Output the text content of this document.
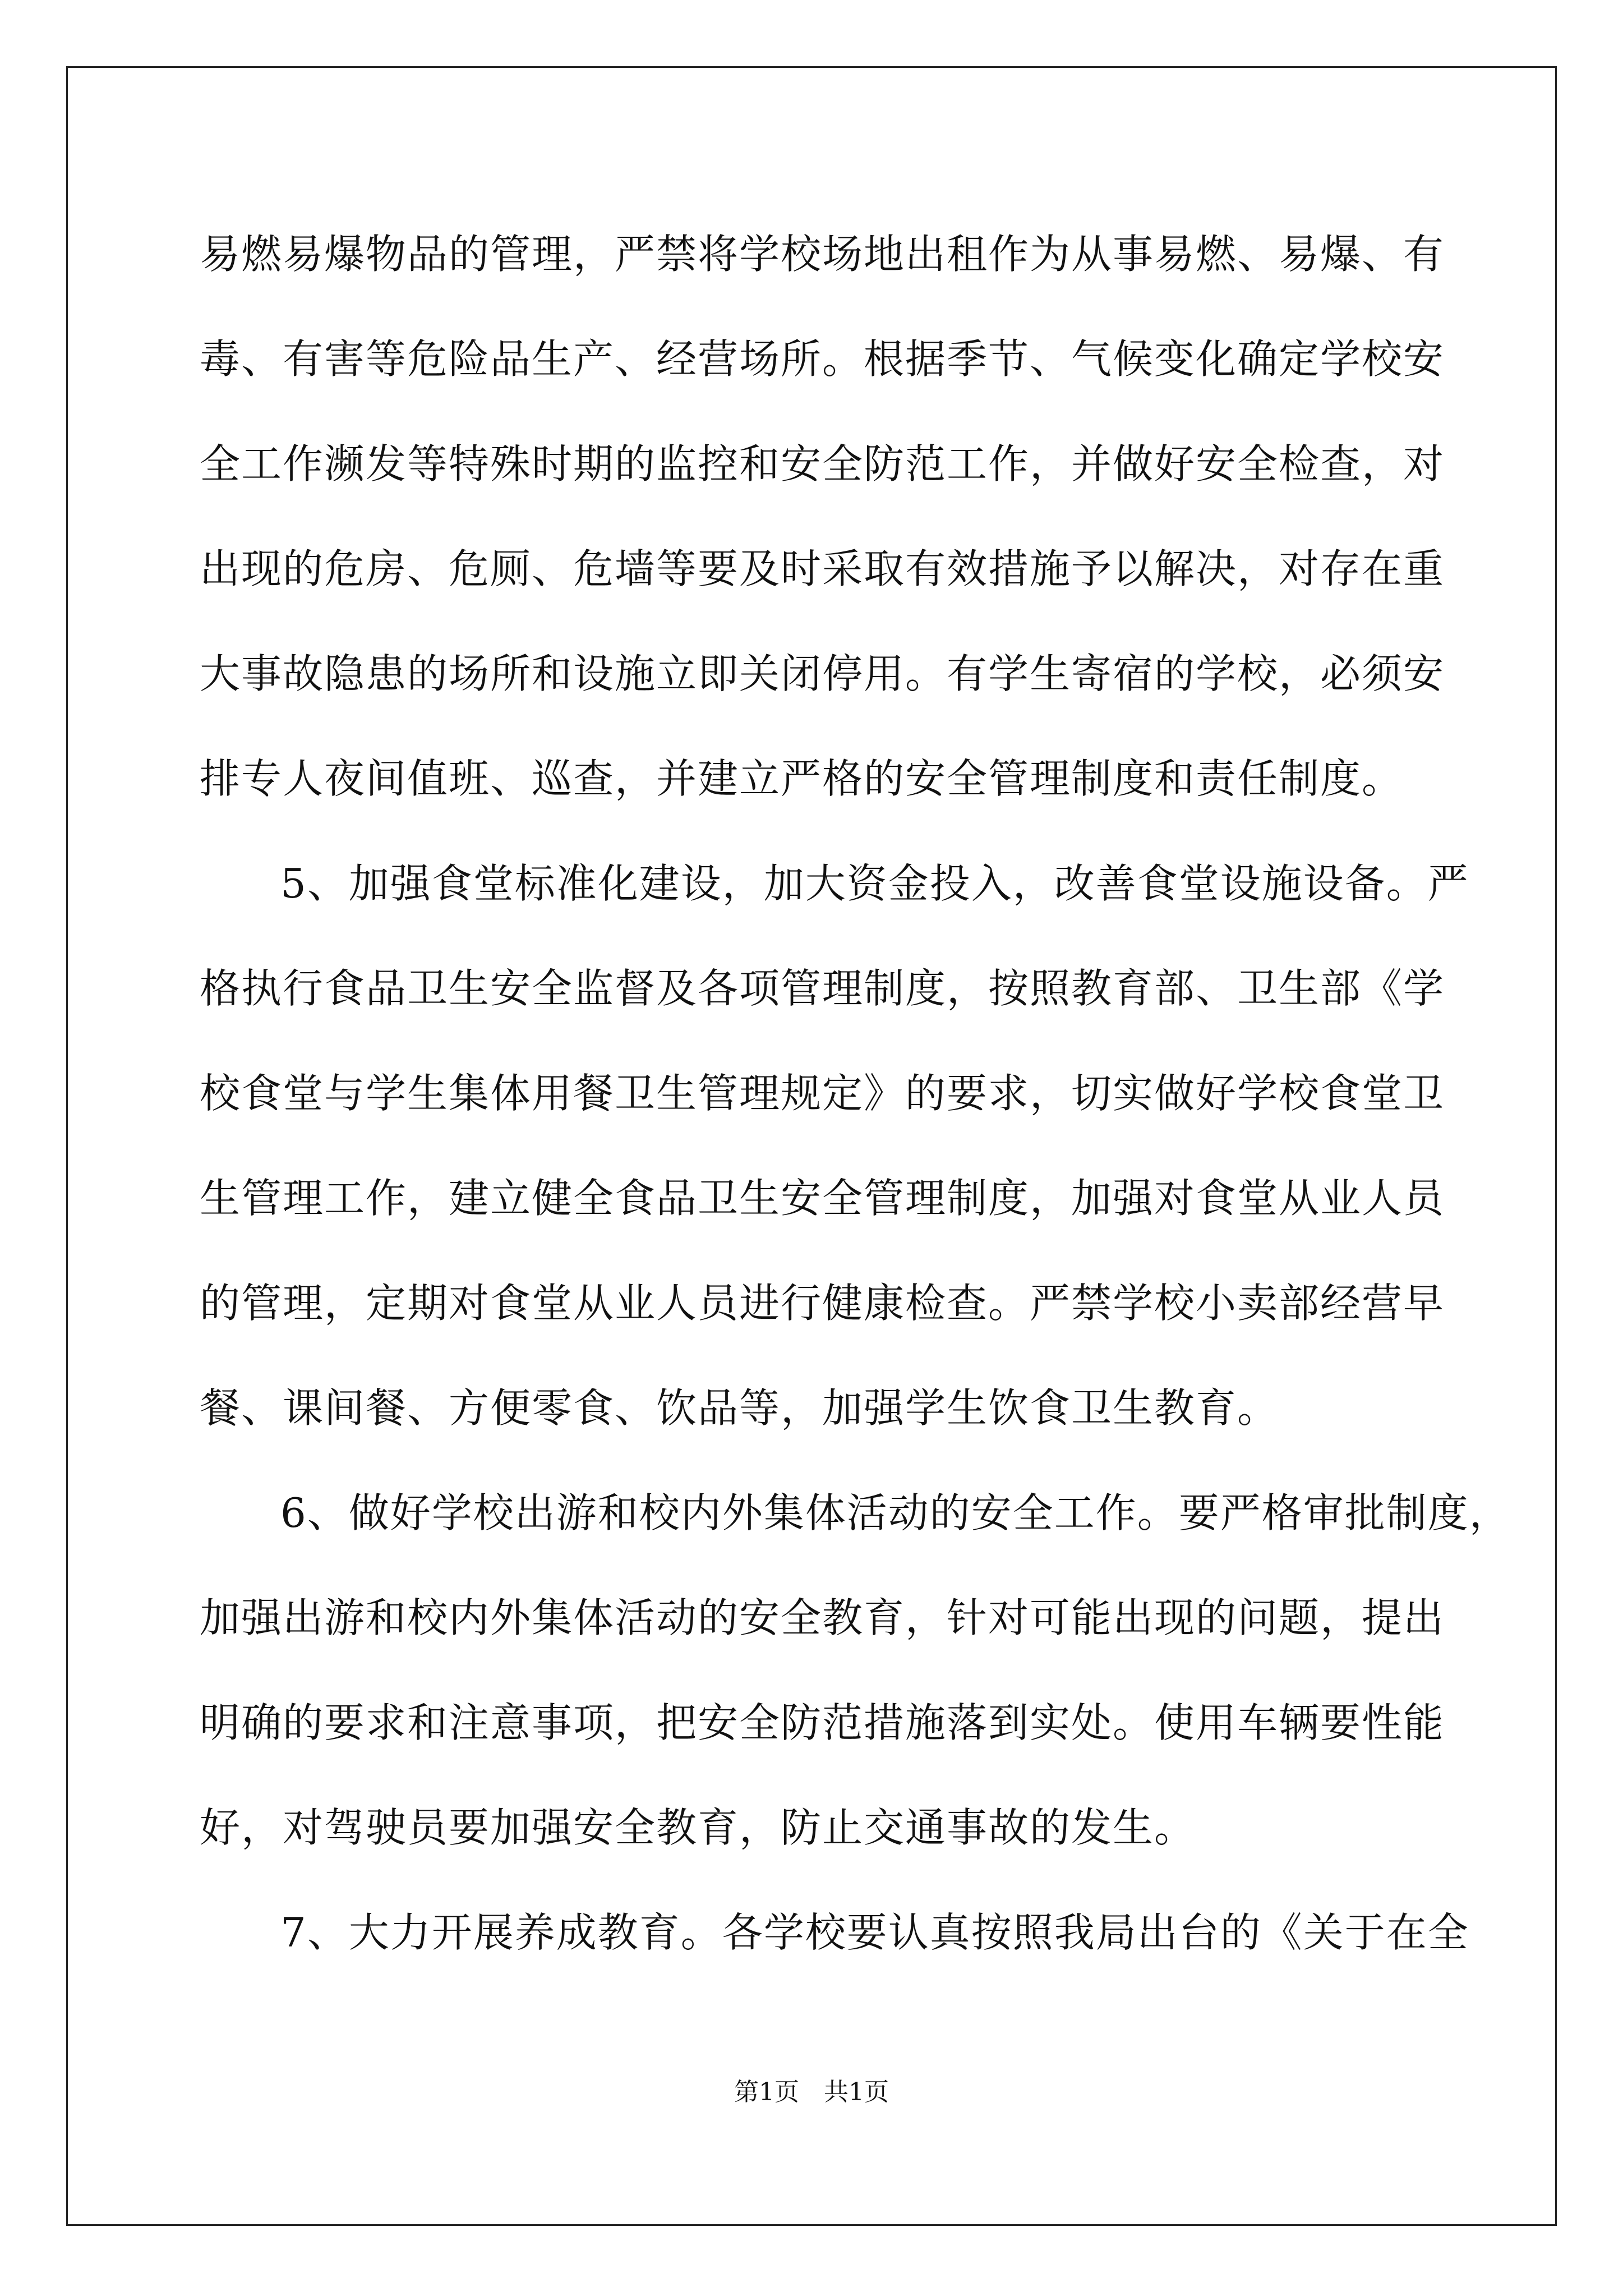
易燃易爆物品的管理，严禁将学校场地出租作为从事易燃、易爆、有
毒、有害等危险品生产、经营场所。根据季节、气候变化确定学校安
全工作濒发等特殊时期的监控和安全防范工作，并做好安全检查，对
出现的危房、危厕、危墙等要及时采取有效措施予以解决，对存在重
大事故隐患的场所和设施立即关闭停用。有学生寄宿的学校，必须安
排专人夜间值班、巡查，并建立严格的安全管理制度和责任制度。
5、加强食堂标准化建设，加大资金投入，改善食堂设施设备。严
格执行食品卫生安全监督及各项管理制度，按照教育部、卫生部《学
校食堂与学生集体用餐卫生管理规定》的要求，切实做好学校食堂卫
生管理工作，建立健全食品卫生安全管理制度，加强对食堂从业人员
的管理，定期对食堂从业人员进行健康检查。严禁学校小卖部经营早
餐、课间餐、方便零食、饮品等，加强学生饮食卫生教育。
6、做好学校出游和校内外集体活动的安全工作。要严格审批制度，
加强出游和校内外集体活动的安全教育，针对可能出现的问题，提出
明确的要求和注意事项，把安全防范措施落到实处。使用车辆要性能
好，对驾驶员要加强安全教育，防止交通事故的发生。
7、大力开展养成教育。各学校要认真按照我局出台的《关于在全
第1页　共1页
